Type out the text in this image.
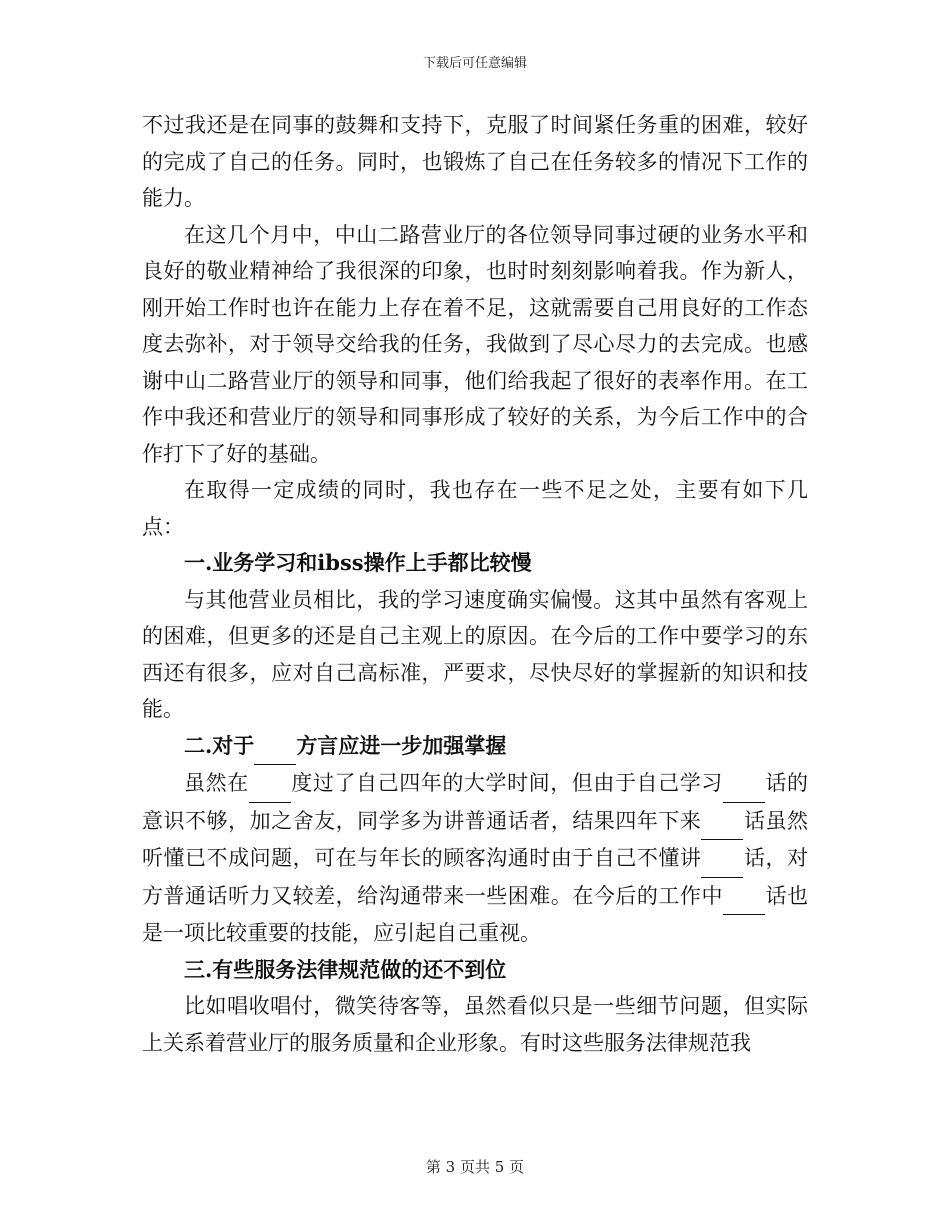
下载后可任意编辑

不过我还是在同事的鼓舞和支持下，克服了时间紧任务重的困难，较好的完成了自己的任务。同时，也锻炼了自己在任务较多的情况下工作的能力。

在这几个月中，中山二路营业厅的各位领导同事过硬的业务水平和良好的敬业精神给了我很深的印象，也时时刻刻影响着我。作为新人，刚开始工作时也许在能力上存在着不足，这就需要自己用良好的工作态度去弥补，对于领导交给我的任务，我做到了尽心尽力的去完成。也感谢中山二路营业厅的领导和同事，他们给我起了很好的表率作用。在工作中我还和营业厅的领导和同事形成了较好的关系，为今后工作中的合作打下了好的基础。

在取得一定成绩的同时，我也存在一些不足之处，主要有如下几点：

一.业务学习和ibss操作上手都比较慢

与其他营业员相比，我的学习速度确实偏慢。这其中虽然有客观上的困难，但更多的还是自己主观上的原因。在今后的工作中要学习的东西还有很多，应对自己高标准，严要求，尽快尽好的掌握新的知识和技能。

二.对于 方言应进一步加强掌握

虽然在 度过了自己四年的大学时间，但由于自己学习 话的意识不够，加之舍友，同学多为讲普通话者，结果四年下来 话虽然听懂已不成问题，可在与年长的顾客沟通时由于自己不懂讲 话，对方普通话听力又较差，给沟通带来一些困难。在今后的工作中 话也是一项比较重要的技能，应引起自己重视。

三.有些服务法律规范做的还不到位

比如唱收唱付，微笑待客等，虽然看似只是一些细节问题，但实际上关系着营业厅的服务质量和企业形象。有时这些服务法律规范我

第 3 页共 5 页
